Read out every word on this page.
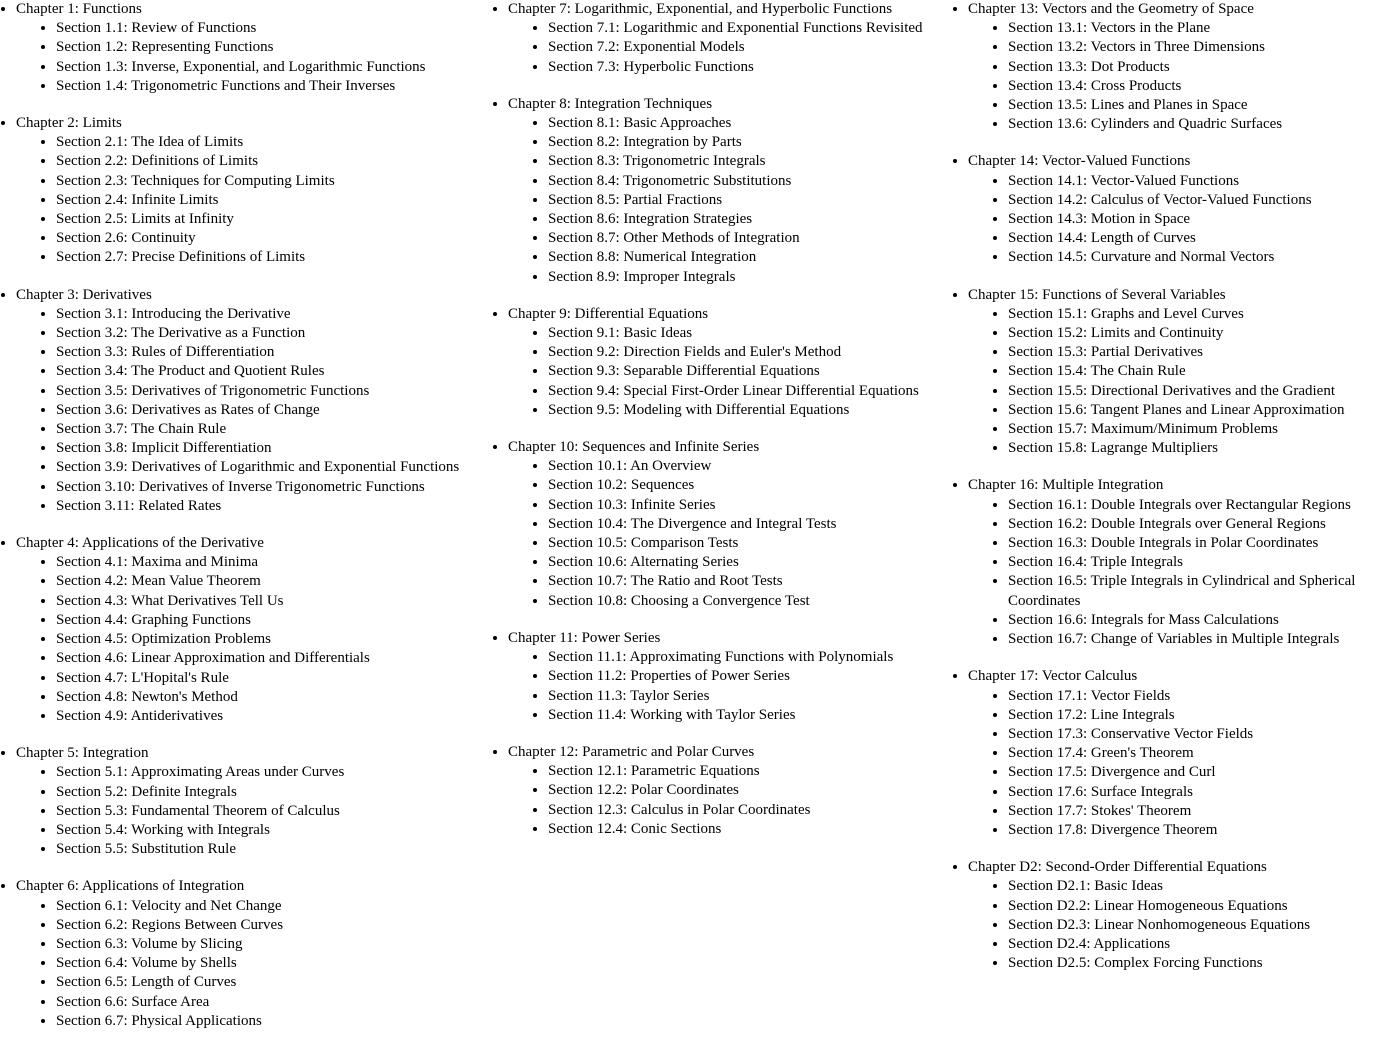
• Chapter 1: Functions
• Section 1.1: Review of Functions
• Section 1.2: Representing Functions
• Section 1.3: Inverse, Exponential, and Logarithmic Functions
• Section 1.4: Trigonometric Functions and Their Inverses
• Chapter 2: Limits
• Section 2.1: The Idea of Limits
• Section 2.2: Definitions of Limits
• Section 2.3: Techniques for Computing Limits
• Section 2.4: Infinite Limits
• Section 2.5: Limits at Infinity
• Section 2.6: Continuity
• Section 2.7: Precise Definitions of Limits
• Chapter 3: Derivatives
• Section 3.1: Introducing the Derivative
• Section 3.2: The Derivative as a Function
• Section 3.3: Rules of Differentiation
• Section 3.4: The Product and Quotient Rules
• Section 3.5: Derivatives of Trigonometric Functions
• Section 3.6: Derivatives as Rates of Change
• Section 3.7: The Chain Rule
• Section 3.8: Implicit Differentiation
• Section 3.9: Derivatives of Logarithmic and Exponential Functions
• Section 3.10: Derivatives of Inverse Trigonometric Functions
• Section 3.11: Related Rates
• Chapter 4: Applications of the Derivative
• Section 4.1: Maxima and Minima
• Section 4.2: Mean Value Theorem
• Section 4.3: What Derivatives Tell Us
• Section 4.4: Graphing Functions
• Section 4.5: Optimization Problems
• Section 4.6: Linear Approximation and Differentials
• Section 4.7: L'Hopital's Rule
• Section 4.8: Newton's Method
• Section 4.9: Antiderivatives
• Chapter 5: Integration
• Section 5.1: Approximating Areas under Curves
• Section 5.2: Definite Integrals
• Section 5.3: Fundamental Theorem of Calculus
• Section 5.4: Working with Integrals
• Section 5.5: Substitution Rule
• Chapter 6: Applications of Integration
• Section 6.1: Velocity and Net Change
• Section 6.2: Regions Between Curves
• Section 6.3: Volume by Slicing
• Section 6.4: Volume by Shells
• Section 6.5: Length of Curves
• Section 6.6: Surface Area
• Section 6.7: Physical Applications
• Chapter 7: Logarithmic, Exponential, and Hyperbolic Functions
• Section 7.1: Logarithmic and Exponential Functions Revisited
• Section 7.2: Exponential Models
• Section 7.3: Hyperbolic Functions
• Chapter 8: Integration Techniques
• Section 8.1: Basic Approaches
• Section 8.2: Integration by Parts
• Section 8.3: Trigonometric Integrals
• Section 8.4: Trigonometric Substitutions
• Section 8.5: Partial Fractions
• Section 8.6: Integration Strategies
• Section 8.7: Other Methods of Integration
• Section 8.8: Numerical Integration
• Section 8.9: Improper Integrals
• Chapter 9: Differential Equations
• Section 9.1: Basic Ideas
• Section 9.2: Direction Fields and Euler's Method
• Section 9.3: Separable Differential Equations
• Section 9.4: Special First-Order Linear Differential Equations
• Section 9.5: Modeling with Differential Equations
• Chapter 10: Sequences and Infinite Series
• Section 10.1: An Overview
• Section 10.2: Sequences
• Section 10.3: Infinite Series
• Section 10.4: The Divergence and Integral Tests
• Section 10.5: Comparison Tests
• Section 10.6: Alternating Series
• Section 10.7: The Ratio and Root Tests
• Section 10.8: Choosing a Convergence Test
• Chapter 11: Power Series
• Section 11.1: Approximating Functions with Polynomials
• Section 11.2: Properties of Power Series
• Section 11.3: Taylor Series
• Section 11.4: Working with Taylor Series
• Chapter 12: Parametric and Polar Curves
• Section 12.1: Parametric Equations
• Section 12.2: Polar Coordinates
• Section 12.3: Calculus in Polar Coordinates
• Section 12.4: Conic Sections
• Chapter 13: Vectors and the Geometry of Space
• Section 13.1: Vectors in the Plane
• Section 13.2: Vectors in Three Dimensions
• Section 13.3: Dot Products
• Section 13.4: Cross Products
• Section 13.5: Lines and Planes in Space
• Section 13.6: Cylinders and Quadric Surfaces
• Chapter 14: Vector-Valued Functions
• Section 14.1: Vector-Valued Functions
• Section 14.2: Calculus of Vector-Valued Functions
• Section 14.3: Motion in Space
• Section 14.4: Length of Curves
• Section 14.5: Curvature and Normal Vectors
• Chapter 15: Functions of Several Variables
• Section 15.1: Graphs and Level Curves
• Section 15.2: Limits and Continuity
• Section 15.3: Partial Derivatives
• Section 15.4: The Chain Rule
• Section 15.5: Directional Derivatives and the Gradient
• Section 15.6: Tangent Planes and Linear Approximation
• Section 15.7: Maximum/Minimum Problems
• Section 15.8: Lagrange Multipliers
• Chapter 16: Multiple Integration
• Section 16.1: Double Integrals over Rectangular Regions
• Section 16.2: Double Integrals over General Regions
• Section 16.3: Double Integrals in Polar Coordinates
• Section 16.4: Triple Integrals
• Section 16.5: Triple Integrals in Cylindrical and Spherical Coordinates
• Section 16.6: Integrals for Mass Calculations
• Section 16.7: Change of Variables in Multiple Integrals
• Chapter 17: Vector Calculus
• Section 17.1: Vector Fields
• Section 17.2: Line Integrals
• Section 17.3: Conservative Vector Fields
• Section 17.4: Green's Theorem
• Section 17.5: Divergence and Curl
• Section 17.6: Surface Integrals
• Section 17.7: Stokes' Theorem
• Section 17.8: Divergence Theorem
• Chapter D2: Second-Order Differential Equations
• Section D2.1: Basic Ideas
• Section D2.2: Linear Homogeneous Equations
• Section D2.3: Linear Nonhomogeneous Equations
• Section D2.4: Applications
• Section D2.5: Complex Forcing Functions
